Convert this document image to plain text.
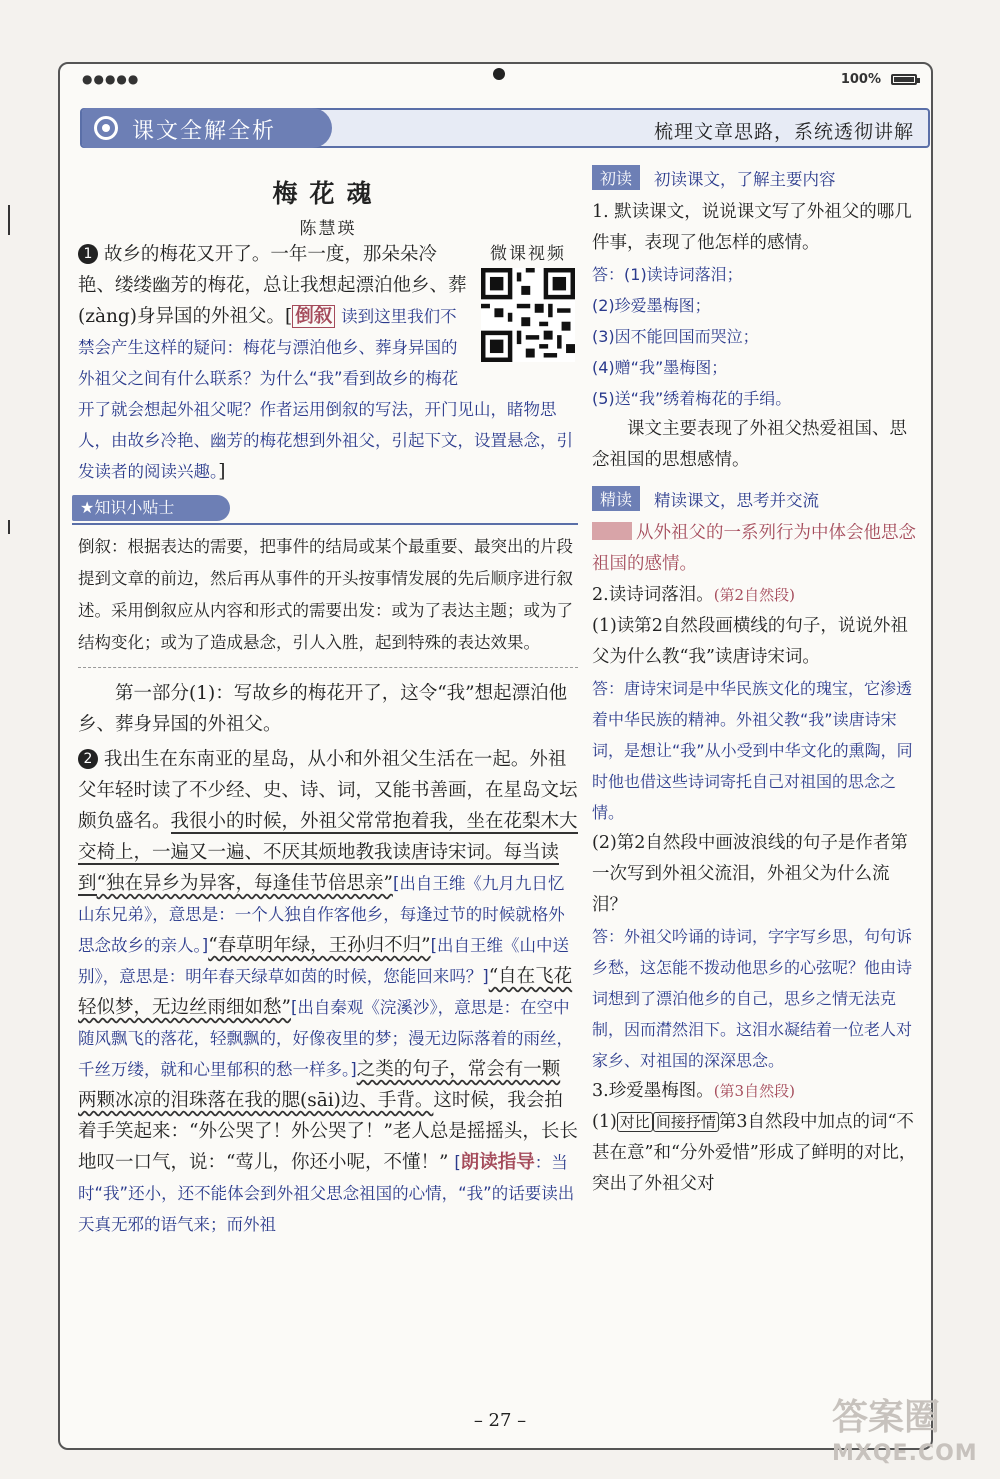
●●●●●	100%
课文全解全析	梳理文章思路，系统透彻讲解
梅花魂
陈慧瑛
微课视频

1 故乡的梅花又开了。一年一度，那朵朵冷艳、缕缕幽芳的梅花，总让我想起漂泊他乡、葬(zàng)身异国的外祖父。[ 倒叙 读到这里我们不禁会产生这样的疑问：梅花与漂泊他乡、葬身异国的外祖父之间有什么联系？为什么“我”看到故乡的梅花开了就会想起外祖父呢？作者运用倒叙的写法，开门见山，睹物思人，由故乡冷艳、幽芳的梅花想到外祖父，引起下文，设置悬念，引发读者的阅读兴趣。]

★知识小贴士

倒叙：根据表达的需要，把事件的结局或某个最重要、最突出的片段提到文章的前边，然后再从事件的开头按事情发展的先后顺序进行叙述。采用倒叙应从内容和形式的需要出发：或为了表达主题；或为了结构变化；或为了造成悬念，引人入胜，起到特殊的表达效果。

第一部分(1)：写故乡的梅花开了，这令“我”想起漂泊他乡、葬身异国的外祖父。

2 我出生在东南亚的星岛，从小和外祖父生活在一起。外祖父年轻时读了不少经、史、诗、词，又能书善画，在星岛文坛颇负盛名。我很小的时候，外祖父常常抱着我，坐在花梨木大交椅上，一遍又一遍、不厌其烦地教我读唐诗宋词。每当读到“独在异乡为异客，每逢佳节倍思亲”[出自王维《九月九日忆山东兄弟》，意思是：一个人独自作客他乡，每逢过节的时候就格外思念故乡的亲人。]“春草明年绿，王孙归不归”[出自王维《山中送别》，意思是：明年春天绿草如茵的时候，您能回来吗？]“自在飞花轻似梦，无边丝雨细如愁”[出自秦观《浣溪沙》，意思是：在空中随风飘飞的落花，轻飘飘的，好像夜里的梦；漫无边际落着的雨丝，千丝万缕，就和心里郁积的愁一样多。]之类的句子，常会有一颗两颗冰凉的泪珠落在我的腮(sāi)边、手背。这时候，我会拍着手笑起来：“外公哭了！外公哭了！”老人总是摇摇头，长长地叹一口气，说：“莺儿，你还小呢，不懂！” [朗读指导：当时“我”还小，还不能体会到外祖父思念祖国的心情，“我”的话要读出天真无邪的语气来；而外祖

初读	初读课文，了解主要内容

1. 默读课文，说说课文写了外祖父的哪几件事，表现了他怎样的感情。

答：(1)读诗词落泪；
(2)珍爱墨梅图；
(3)因不能回国而哭泣；
(4)赠“我”墨梅图；
(5)送“我”绣着梅花的手绢。

课文主要表现了外祖父热爱祖国、思念祖国的思想感情。

精读	精读课文，思考并交流

从外祖父的一系列行为中体会他思念祖国的感情。

2.读诗词落泪。(第2自然段)

(1)读第2自然段画横线的句子，说说外祖父为什么教“我”读唐诗宋词。

答：唐诗宋词是中华民族文化的瑰宝，它渗透着中华民族的精神。外祖父教“我”读唐诗宋词，是想让“我”从小受到中华文化的熏陶，同时他也借这些诗词寄托自己对祖国的思念之情。

(2)第2自然段中画波浪线的句子是作者第一次写到外祖父流泪，外祖父为什么流泪？

答：外祖父吟诵的诗词，字字写乡思，句句诉乡愁，这怎能不拨动他思乡的心弦呢？他由诗词想到了漂泊他乡的自己，思乡之情无法克制，因而潸然泪下。这泪水凝结着一位老人对家乡、对祖国的深深思念。

3.珍爱墨梅图。(第3自然段)

(1) 对比 间接抒情 第3自然段中加点的词“不甚在意”和“分外爱惜”形成了鲜明的对比，突出了外祖父对

– 27 –	答案圈
MXQE.COM
